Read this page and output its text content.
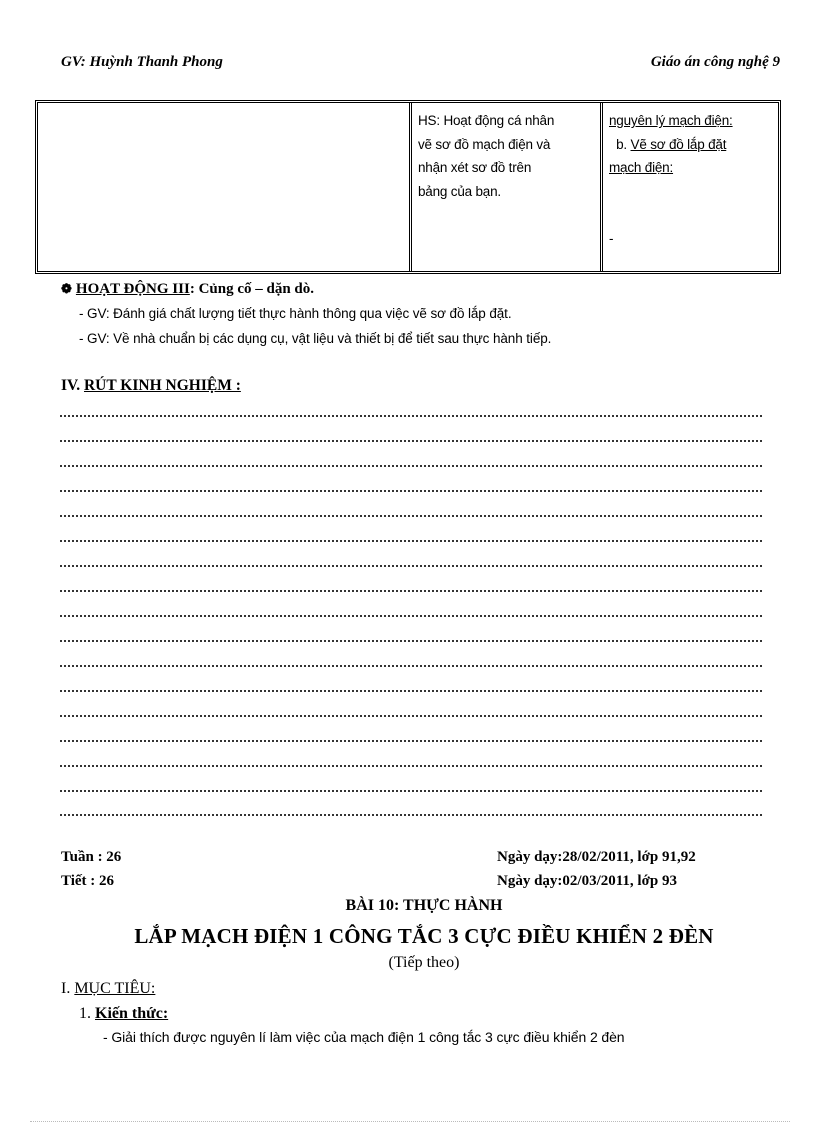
GV: Huỳnh Thanh Phong	Giáo án công nghệ 9
HS: Hoạt động cá nhân
vẽ sơ đồ mạch điện và
nhận xét sơ đồ trên
bảng của bạn.
nguyên lý mạch điện:
b. Vẽ sơ đồ lắp đặt
mạch điện:
-
❁ HOẠT ĐỘNG III: Củng cố – dặn dò.
- GV: Đánh giá chất lượng tiết thực hành thông qua việc vẽ sơ đồ lắp đặt.
- GV: Về nhà chuẩn bị các dụng cụ, vật liệu và thiết bị để tiết sau thực hành tiếp.
IV. RÚT KINH NGHIỆM :
Tuần : 26
Tiết : 26
Ngày dạy:28/02/2011, lớp 91,92
Ngày dạy:02/03/2011, lớp 93
BÀI 10: THỰC HÀNH
LẮP MẠCH ĐIỆN 1 CÔNG TẮC 3 CỰC ĐIỀU KHIỂN 2 ĐÈN
(Tiếp theo)
I. MỤC TIÊU:
1. Kiến thức:
- Giải thích được nguyên lí làm việc của mạch điện 1 công tắc 3 cực điều khiển 2 đèn
